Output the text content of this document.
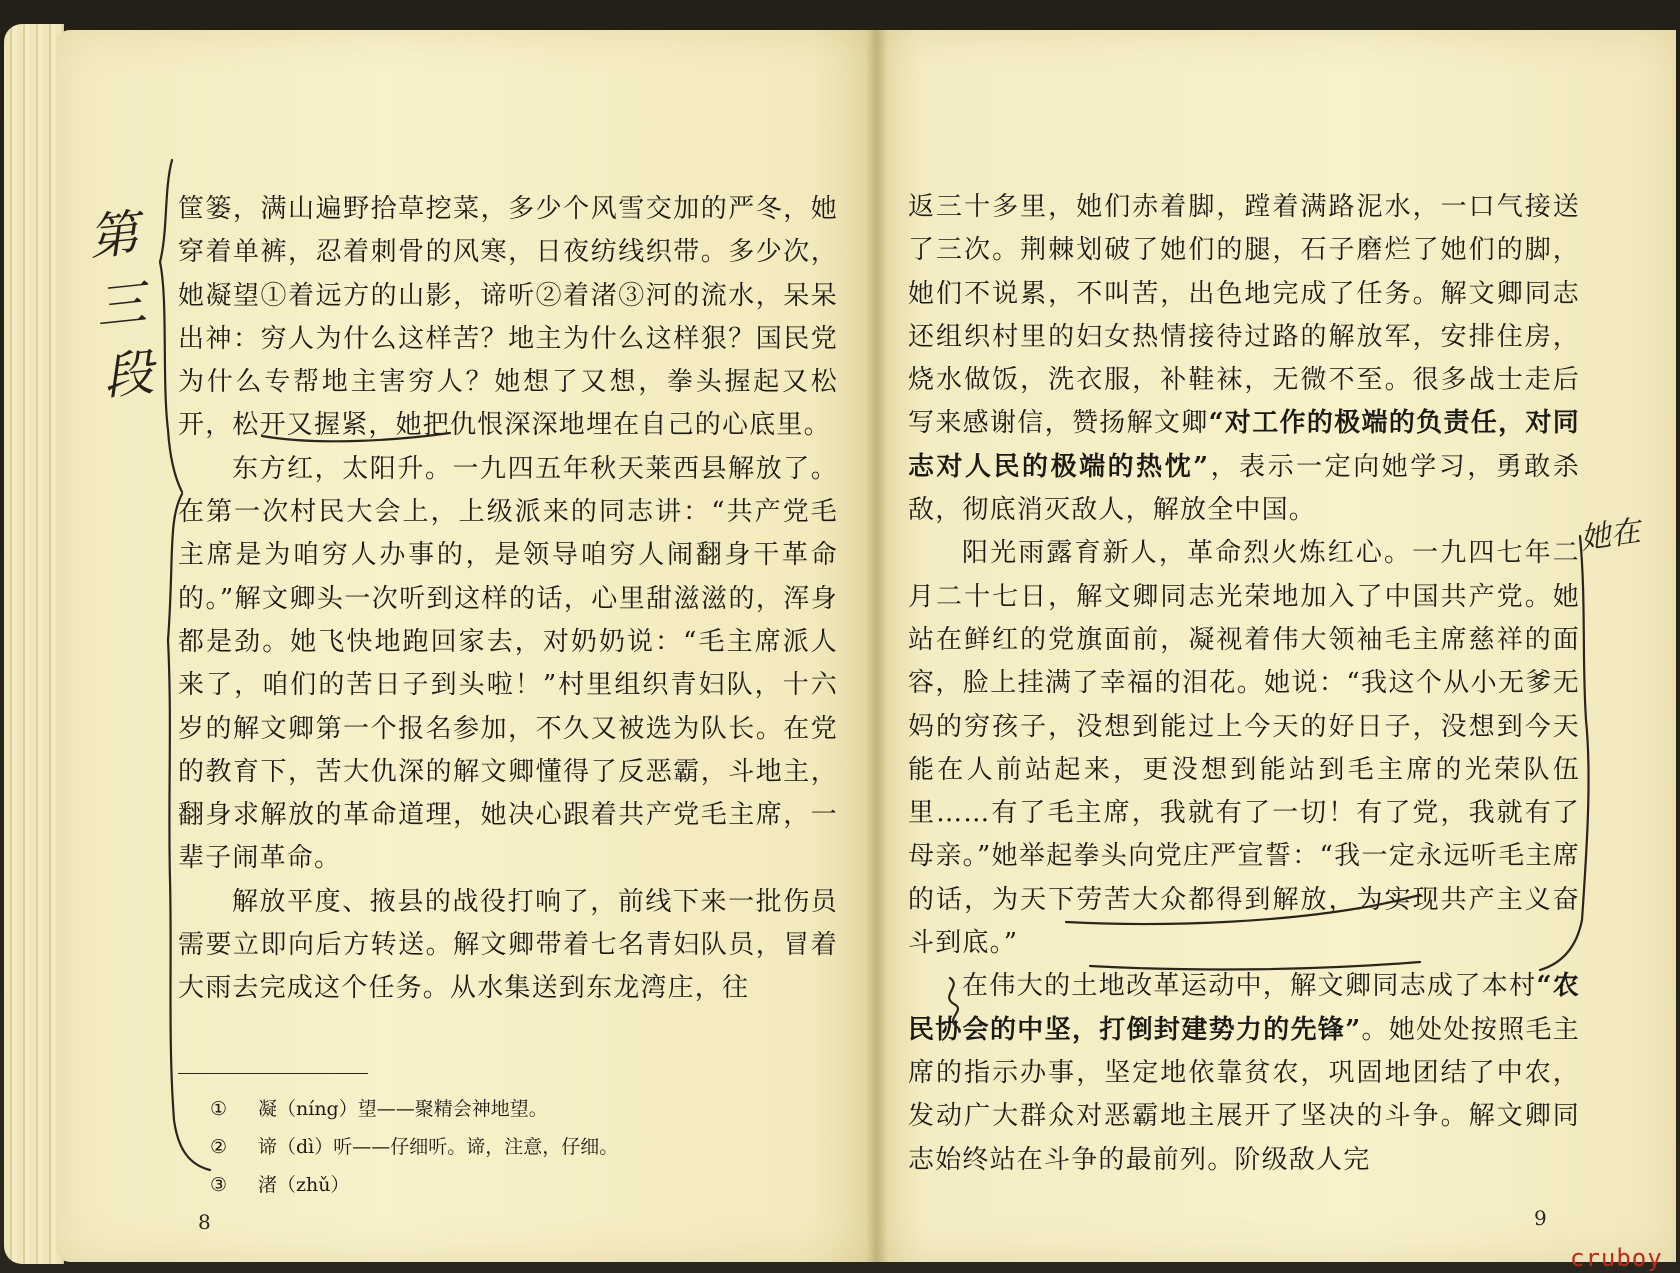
筐篓，满山遍野拾草挖菜，多少个风雪交加的严冬，她穿着单裤，忍着刺骨的风寒，日夜纺线织带。多少次，她凝望①着远方的山影，谛听②着渚③河的流水，呆呆出神：穷人为什么这样苦？地主为什么这样狠？国民党为什么专帮地主害穷人？她想了又想，拳头握起又松开，松开又握紧，她把仇恨深深地埋在自己的心底里。

东方红，太阳升。一九四五年秋天莱西县解放了。在第一次村民大会上，上级派来的同志讲：“共产党毛主席是为咱穷人办事的，是领导咱穷人闹翻身干革命的。”解文卿头一次听到这样的话，心里甜滋滋的，浑身都是劲。她飞快地跑回家去，对奶奶说：“毛主席派人来了，咱们的苦日子到头啦！”村里组织青妇队，十六岁的解文卿第一个报名参加，不久又被选为队长。在党的教育下，苦大仇深的解文卿懂得了反恶霸，斗地主，翻身求解放的革命道理，她决心跟着共产党毛主席，一辈子闹革命。

解放平度、掖县的战役打响了，前线下来一批伤员需要立即向后方转送。解文卿带着七名青妇队员，冒着大雨去完成这个任务。从水集送到东龙湾庄，往

①	凝（níng）望——聚精会神地望。
②	谛（dì）听——仔细听。谛，注意，仔细。
③	渚（zhǔ）
8

返三十多里，她们赤着脚，蹚着满路泥水，一口气接送了三次。荆棘划破了她们的腿，石子磨烂了她们的脚，她们不说累，不叫苦，出色地完成了任务。解文卿同志还组织村里的妇女热情接待过路的解放军，安排住房，烧水做饭，洗衣服，补鞋袜，无微不至。很多战士走后写来感谢信，赞扬解文卿“对工作的极端的负责任，对同志对人民的极端的热忱”，表示一定向她学习，勇敢杀敌，彻底消灭敌人，解放全中国。

阳光雨露育新人，革命烈火炼红心。一九四七年二月二十七日，解文卿同志光荣地加入了中国共产党。她站在鲜红的党旗面前，凝视着伟大领袖毛主席慈祥的面容，脸上挂满了幸福的泪花。她说：“我这个从小无爹无妈的穷孩子，没想到能过上今天的好日子，没想到今天能在人前站起来，更没想到能站到毛主席的光荣队伍里……有了毛主席，我就有了一切！有了党，我就有了母亲。”她举起拳头向党庄严宣誓：“我一定永远听毛主席的话，为天下劳苦大众都得到解放，为实现共产主义奋斗到底。”

在伟大的土地改革运动中，解文卿同志成了本村“农民协会的中坚，打倒封建势力的先锋”。她处处按照毛主席的指示办事，坚定地依靠贫农，巩固地团结了中农，发动广大群众对恶霸地主展开了坚决的斗争。解文卿同志始终站在斗争的最前列。阶级敌人完

9
第三段
她在
cruboy
